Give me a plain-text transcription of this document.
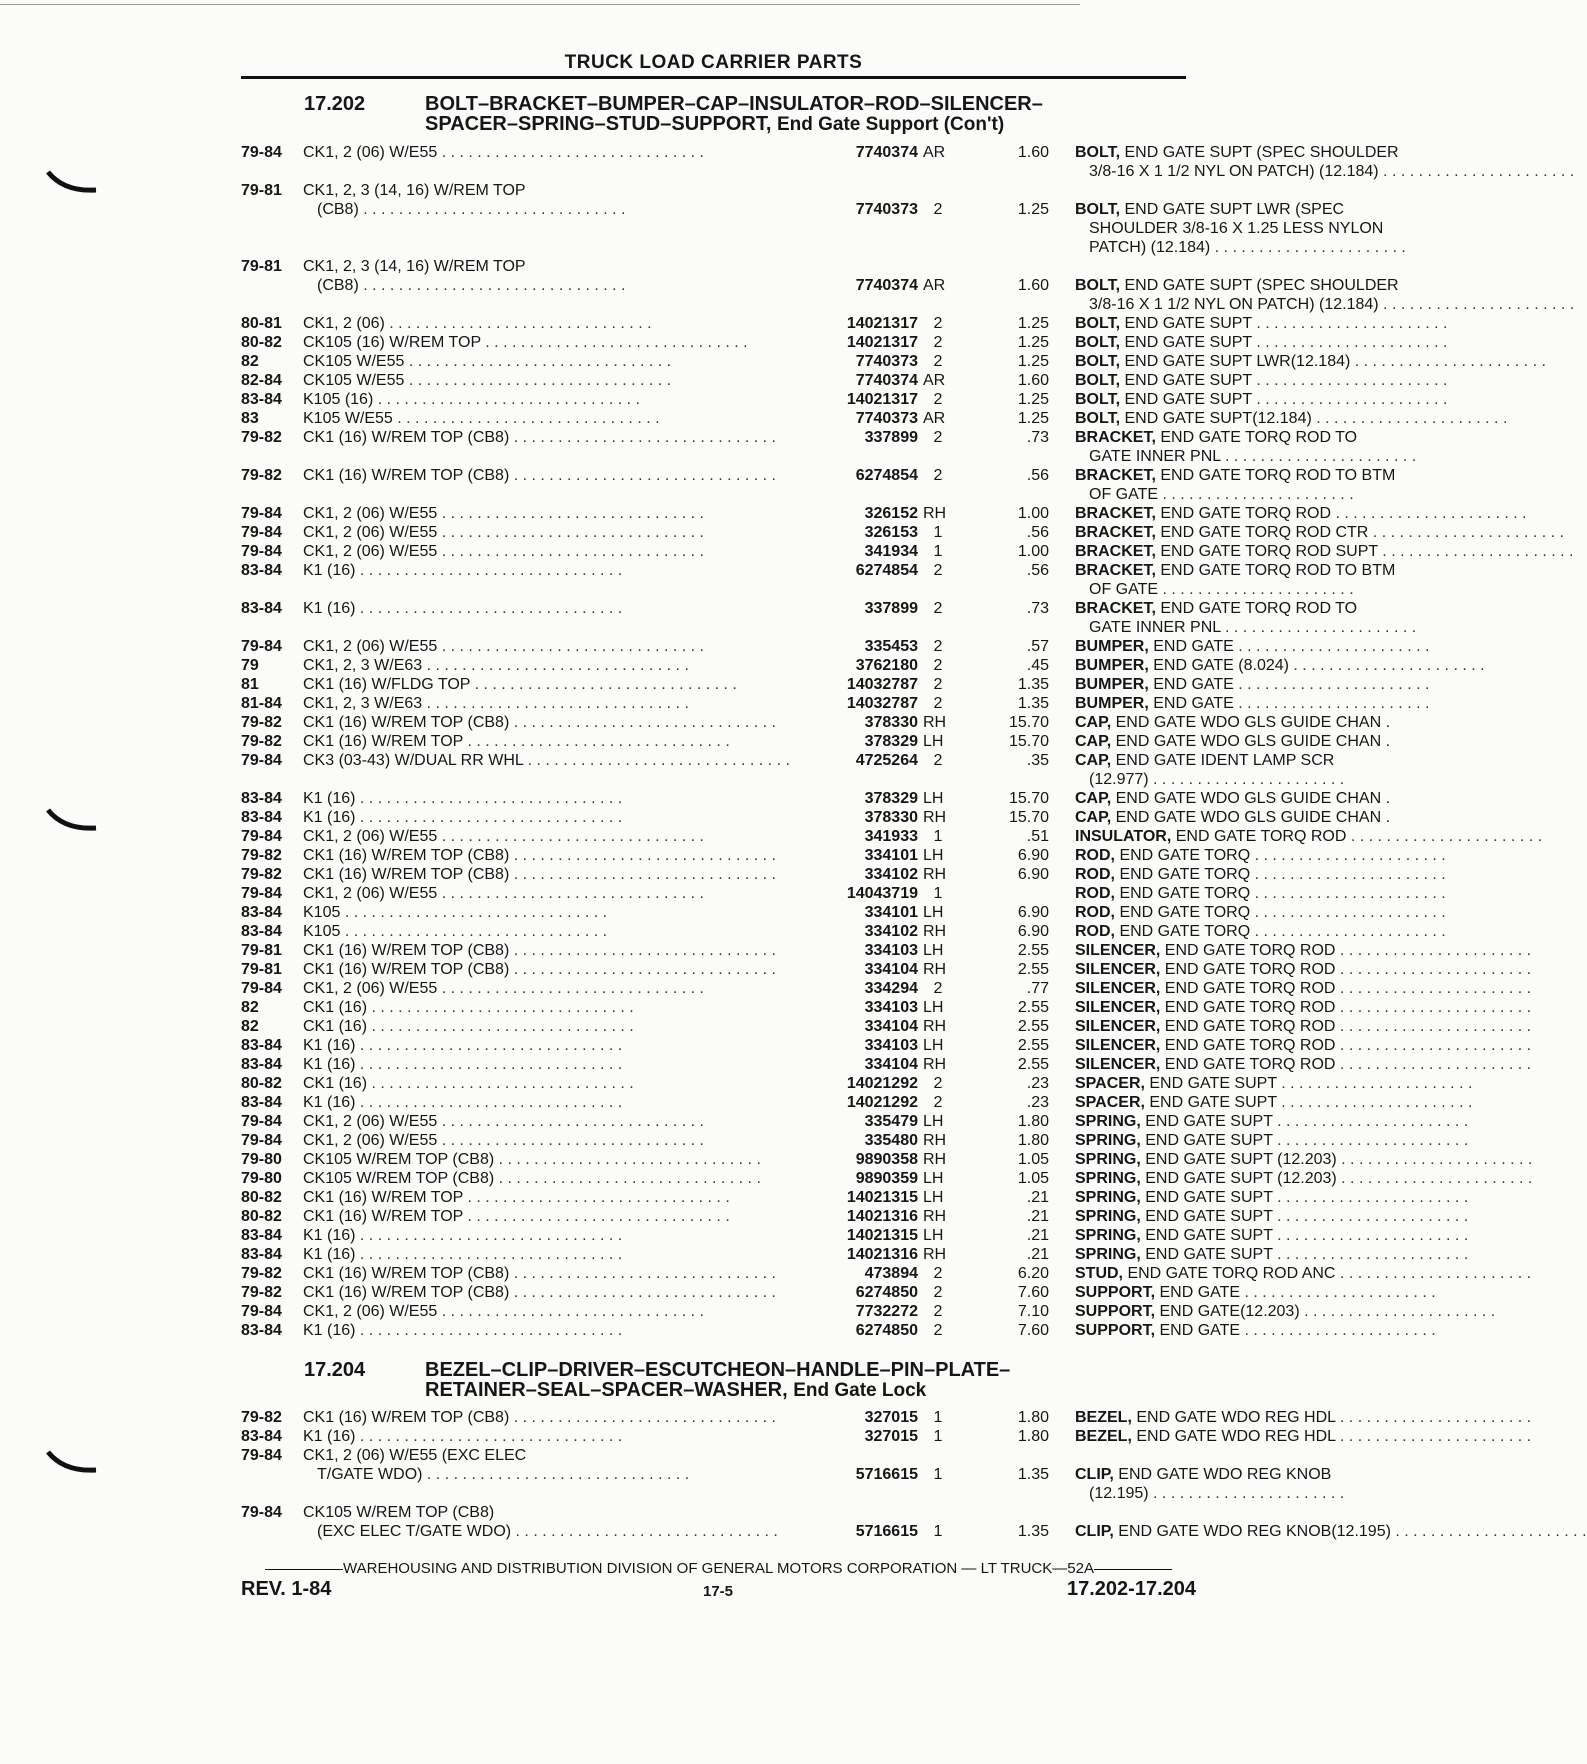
TRUCK LOAD CARRIER PARTS
17.202	BOLT–BRACKET–BUMPER–CAP–INSULATOR–ROD–SILENCER–
SPACER–SPRING–STUD–SUPPORT, End Gate Support (Con't)
79-84 CK1, 2 (06) W/E55 . . . . . . . . . . . . . . . . . . . . . . . . . . . . . .	7740374 AR	1.60 BOLT, END GATE SUPT (SPEC SHOULDER
3/8-16 X 1 1/2 NYL ON PATCH) (12.184) . . . . . . . . . . . . . . . . . . . . . .
79-81 CK1, 2, 3 (14, 16) W/REM TOP
(CB8) . . . . . . . . . . . . . . . . . . . . . . . . . . . . . .	7740373 2	1.25 BOLT, END GATE SUPT LWR (SPEC
SHOULDER 3/8-16 X 1.25 LESS NYLON
PATCH) (12.184) . . . . . . . . . . . . . . . . . . . . . .
79-81 CK1, 2, 3 (14, 16) W/REM TOP
(CB8) . . . . . . . . . . . . . . . . . . . . . . . . . . . . . .	7740374 AR	1.60 BOLT, END GATE SUPT (SPEC SHOULDER
3/8-16 X 1 1/2 NYL ON PATCH) (12.184) . . . . . . . . . . . . . . . . . . . . . .
80-81 CK1, 2 (06) . . . . . . . . . . . . . . . . . . . . . . . . . . . . . .	14021317 2	1.25 BOLT, END GATE SUPT . . . . . . . . . . . . . . . . . . . . . .
80-82 CK105 (16) W/REM TOP . . . . . . . . . . . . . . . . . . . . . . . . . . . . . .	14021317 2	1.25 BOLT, END GATE SUPT . . . . . . . . . . . . . . . . . . . . . .
82	CK105 W/E55 . . . . . . . . . . . . . . . . . . . . . . . . . . . . . .	7740373 2	1.25 BOLT, END GATE SUPT LWR(12.184) . . . . . . . . . . . . . . . . . . . . . .
82-84 CK105 W/E55 . . . . . . . . . . . . . . . . . . . . . . . . . . . . . .	7740374 AR	1.60 BOLT, END GATE SUPT . . . . . . . . . . . . . . . . . . . . . .
83-84 K105 (16) . . . . . . . . . . . . . . . . . . . . . . . . . . . . . .	14021317 2	1.25 BOLT, END GATE SUPT . . . . . . . . . . . . . . . . . . . . . .
83	K105 W/E55 . . . . . . . . . . . . . . . . . . . . . . . . . . . . . .	7740373 AR	1.25 BOLT, END GATE SUPT(12.184) . . . . . . . . . . . . . . . . . . . . . .
79-82 CK1 (16) W/REM TOP (CB8) . . . . . . . . . . . . . . . . . . . . . . . . . . . . . .	337899 2	.73 BRACKET, END GATE TORQ ROD TO
GATE INNER PNL . . . . . . . . . . . . . . . . . . . . . .
79-82 CK1 (16) W/REM TOP (CB8) . . . . . . . . . . . . . . . . . . . . . . . . . . . . . .	6274854 2	.56 BRACKET, END GATE TORQ ROD TO BTM
OF GATE . . . . . . . . . . . . . . . . . . . . . .
79-84 CK1, 2 (06) W/E55 . . . . . . . . . . . . . . . . . . . . . . . . . . . . . .	326152 RH	1.00 BRACKET, END GATE TORQ ROD . . . . . . . . . . . . . . . . . . . . . .
79-84 CK1, 2 (06) W/E55 . . . . . . . . . . . . . . . . . . . . . . . . . . . . . .	326153 1	.56 BRACKET, END GATE TORQ ROD CTR . . . . . . . . . . . . . . . . . . . . . .
79-84 CK1, 2 (06) W/E55 . . . . . . . . . . . . . . . . . . . . . . . . . . . . . .	341934 1	1.00 BRACKET, END GATE TORQ ROD SUPT . . . . . . . . . . . . . . . . . . . . . .
83-84 K1 (16) . . . . . . . . . . . . . . . . . . . . . . . . . . . . . .	6274854 2	.56 BRACKET, END GATE TORQ ROD TO BTM
OF GATE . . . . . . . . . . . . . . . . . . . . . .
83-84 K1 (16) . . . . . . . . . . . . . . . . . . . . . . . . . . . . . .	337899 2	.73 BRACKET, END GATE TORQ ROD TO
GATE INNER PNL . . . . . . . . . . . . . . . . . . . . . .
79-84 CK1, 2 (06) W/E55 . . . . . . . . . . . . . . . . . . . . . . . . . . . . . .	335453 2	.57 BUMPER, END GATE . . . . . . . . . . . . . . . . . . . . . .
79	CK1, 2, 3 W/E63 . . . . . . . . . . . . . . . . . . . . . . . . . . . . . .	3762180 2	.45 BUMPER, END GATE (8.024) . . . . . . . . . . . . . . . . . . . . . .
81	CK1 (16) W/FLDG TOP . . . . . . . . . . . . . . . . . . . . . . . . . . . . . .	14032787 2	1.35 BUMPER, END GATE . . . . . . . . . . . . . . . . . . . . . .
81-84 CK1, 2, 3 W/E63 . . . . . . . . . . . . . . . . . . . . . . . . . . . . . .	14032787 2	1.35 BUMPER, END GATE . . . . . . . . . . . . . . . . . . . . . .
79-82 CK1 (16) W/REM TOP (CB8) . . . . . . . . . . . . . . . . . . . . . . . . . . . . . .	378330 RH	15.70 CAP, END GATE WDO GLS GUIDE CHAN .
79-82 CK1 (16) W/REM TOP . . . . . . . . . . . . . . . . . . . . . . . . . . . . . .	378329 LH	15.70 CAP, END GATE WDO GLS GUIDE CHAN .
79-84 CK3 (03-43) W/DUAL RR WHL . . . . . . . . . . . . . . . . . . . . . . . . . . . . . .	4725264 2	.35 CAP, END GATE IDENT LAMP SCR
(12.977) . . . . . . . . . . . . . . . . . . . . . .
83-84 K1 (16) . . . . . . . . . . . . . . . . . . . . . . . . . . . . . .	378329 LH	15.70 CAP, END GATE WDO GLS GUIDE CHAN .
83-84 K1 (16) . . . . . . . . . . . . . . . . . . . . . . . . . . . . . .	378330 RH	15.70 CAP, END GATE WDO GLS GUIDE CHAN .
79-84 CK1, 2 (06) W/E55 . . . . . . . . . . . . . . . . . . . . . . . . . . . . . .	341933 1	.51 INSULATOR, END GATE TORQ ROD . . . . . . . . . . . . . . . . . . . . . .
79-82 CK1 (16) W/REM TOP (CB8) . . . . . . . . . . . . . . . . . . . . . . . . . . . . . .	334101 LH	6.90 ROD, END GATE TORQ . . . . . . . . . . . . . . . . . . . . . .
79-82 CK1 (16) W/REM TOP (CB8) . . . . . . . . . . . . . . . . . . . . . . . . . . . . . .	334102 RH	6.90 ROD, END GATE TORQ . . . . . . . . . . . . . . . . . . . . . .
79-84 CK1, 2 (06) W/E55 . . . . . . . . . . . . . . . . . . . . . . . . . . . . . .	14043719 1	ROD, END GATE TORQ . . . . . . . . . . . . . . . . . . . . . .
83-84 K105 . . . . . . . . . . . . . . . . . . . . . . . . . . . . . .	334101 LH	6.90 ROD, END GATE TORQ . . . . . . . . . . . . . . . . . . . . . .
83-84 K105 . . . . . . . . . . . . . . . . . . . . . . . . . . . . . .	334102 RH	6.90 ROD, END GATE TORQ . . . . . . . . . . . . . . . . . . . . . .
79-81 CK1 (16) W/REM TOP (CB8) . . . . . . . . . . . . . . . . . . . . . . . . . . . . . .	334103 LH	2.55 SILENCER, END GATE TORQ ROD . . . . . . . . . . . . . . . . . . . . . .
79-81 CK1 (16) W/REM TOP (CB8) . . . . . . . . . . . . . . . . . . . . . . . . . . . . . .	334104 RH	2.55 SILENCER, END GATE TORQ ROD . . . . . . . . . . . . . . . . . . . . . .
79-84 CK1, 2 (06) W/E55 . . . . . . . . . . . . . . . . . . . . . . . . . . . . . .	334294 2	.77 SILENCER, END GATE TORQ ROD . . . . . . . . . . . . . . . . . . . . . .
82	CK1 (16) . . . . . . . . . . . . . . . . . . . . . . . . . . . . . .	334103 LH	2.55 SILENCER, END GATE TORQ ROD . . . . . . . . . . . . . . . . . . . . . .
82	CK1 (16) . . . . . . . . . . . . . . . . . . . . . . . . . . . . . .	334104 RH	2.55 SILENCER, END GATE TORQ ROD . . . . . . . . . . . . . . . . . . . . . .
83-84 K1 (16) . . . . . . . . . . . . . . . . . . . . . . . . . . . . . .	334103 LH	2.55 SILENCER, END GATE TORQ ROD . . . . . . . . . . . . . . . . . . . . . .
83-84 K1 (16) . . . . . . . . . . . . . . . . . . . . . . . . . . . . . .	334104 RH	2.55 SILENCER, END GATE TORQ ROD . . . . . . . . . . . . . . . . . . . . . .
80-82 CK1 (16) . . . . . . . . . . . . . . . . . . . . . . . . . . . . . .	14021292 2	.23 SPACER, END GATE SUPT . . . . . . . . . . . . . . . . . . . . . .
83-84 K1 (16) . . . . . . . . . . . . . . . . . . . . . . . . . . . . . .	14021292 2	.23 SPACER, END GATE SUPT . . . . . . . . . . . . . . . . . . . . . .
79-84 CK1, 2 (06) W/E55 . . . . . . . . . . . . . . . . . . . . . . . . . . . . . .	335479 LH	1.80 SPRING, END GATE SUPT . . . . . . . . . . . . . . . . . . . . . .
79-84 CK1, 2 (06) W/E55 . . . . . . . . . . . . . . . . . . . . . . . . . . . . . .	335480 RH	1.80 SPRING, END GATE SUPT . . . . . . . . . . . . . . . . . . . . . .
79-80 CK105 W/REM TOP (CB8) . . . . . . . . . . . . . . . . . . . . . . . . . . . . . .	9890358 RH	1.05 SPRING, END GATE SUPT (12.203) . . . . . . . . . . . . . . . . . . . . . .
79-80 CK105 W/REM TOP (CB8) . . . . . . . . . . . . . . . . . . . . . . . . . . . . . .	9890359 LH	1.05 SPRING, END GATE SUPT (12.203) . . . . . . . . . . . . . . . . . . . . . .
80-82 CK1 (16) W/REM TOP . . . . . . . . . . . . . . . . . . . . . . . . . . . . . .	14021315 LH	.21 SPRING, END GATE SUPT . . . . . . . . . . . . . . . . . . . . . .
80-82 CK1 (16) W/REM TOP . . . . . . . . . . . . . . . . . . . . . . . . . . . . . .	14021316 RH	.21 SPRING, END GATE SUPT . . . . . . . . . . . . . . . . . . . . . .
83-84 K1 (16) . . . . . . . . . . . . . . . . . . . . . . . . . . . . . .	14021315 LH	.21 SPRING, END GATE SUPT . . . . . . . . . . . . . . . . . . . . . .
83-84 K1 (16) . . . . . . . . . . . . . . . . . . . . . . . . . . . . . .	14021316 RH	.21 SPRING, END GATE SUPT . . . . . . . . . . . . . . . . . . . . . .
79-82 CK1 (16) W/REM TOP (CB8) . . . . . . . . . . . . . . . . . . . . . . . . . . . . . .	473894 2	6.20 STUD, END GATE TORQ ROD ANC . . . . . . . . . . . . . . . . . . . . . .
79-82 CK1 (16) W/REM TOP (CB8) . . . . . . . . . . . . . . . . . . . . . . . . . . . . . .	6274850 2	7.60 SUPPORT, END GATE . . . . . . . . . . . . . . . . . . . . . .
79-84 CK1, 2 (06) W/E55 . . . . . . . . . . . . . . . . . . . . . . . . . . . . . .	7732272 2	7.10 SUPPORT, END GATE(12.203) . . . . . . . . . . . . . . . . . . . . . .
83-84 K1 (16) . . . . . . . . . . . . . . . . . . . . . . . . . . . . . .	6274850 2	7.60 SUPPORT, END GATE . . . . . . . . . . . . . . . . . . . . . .
17.204	BEZEL–CLIP–DRIVER–ESCUTCHEON–HANDLE–PIN–PLATE–
RETAINER–SEAL–SPACER–WASHER, End Gate Lock
79-82 CK1 (16) W/REM TOP (CB8) . . . . . . . . . . . . . . . . . . . . . . . . . . . . . .	327015 1	1.80 BEZEL, END GATE WDO REG HDL . . . . . . . . . . . . . . . . . . . . . .
83-84 K1 (16) . . . . . . . . . . . . . . . . . . . . . . . . . . . . . .	327015 1	1.80 BEZEL, END GATE WDO REG HDL . . . . . . . . . . . . . . . . . . . . . .
79-84 CK1, 2 (06) W/E55 (EXC ELEC
T/GATE WDO) . . . . . . . . . . . . . . . . . . . . . . . . . . . . . .	5716615 1	1.35 CLIP, END GATE WDO REG KNOB
(12.195) . . . . . . . . . . . . . . . . . . . . . .
79-84 CK105 W/REM TOP (CB8)
(EXC ELEC T/GATE WDO) . . . . . . . . . . . . . . . . . . . . . . . . . . . . . .	5716615 1	1.35 CLIP, END GATE WDO REG KNOB(12.195) . . . . . . . . . . . . . . . . . . . . . .
WAREHOUSING AND DISTRIBUTION DIVISION OF GENERAL MOTORS CORPORATION — LT TRUCK—52A
REV. 1-84	17-5	17.202-17.204
